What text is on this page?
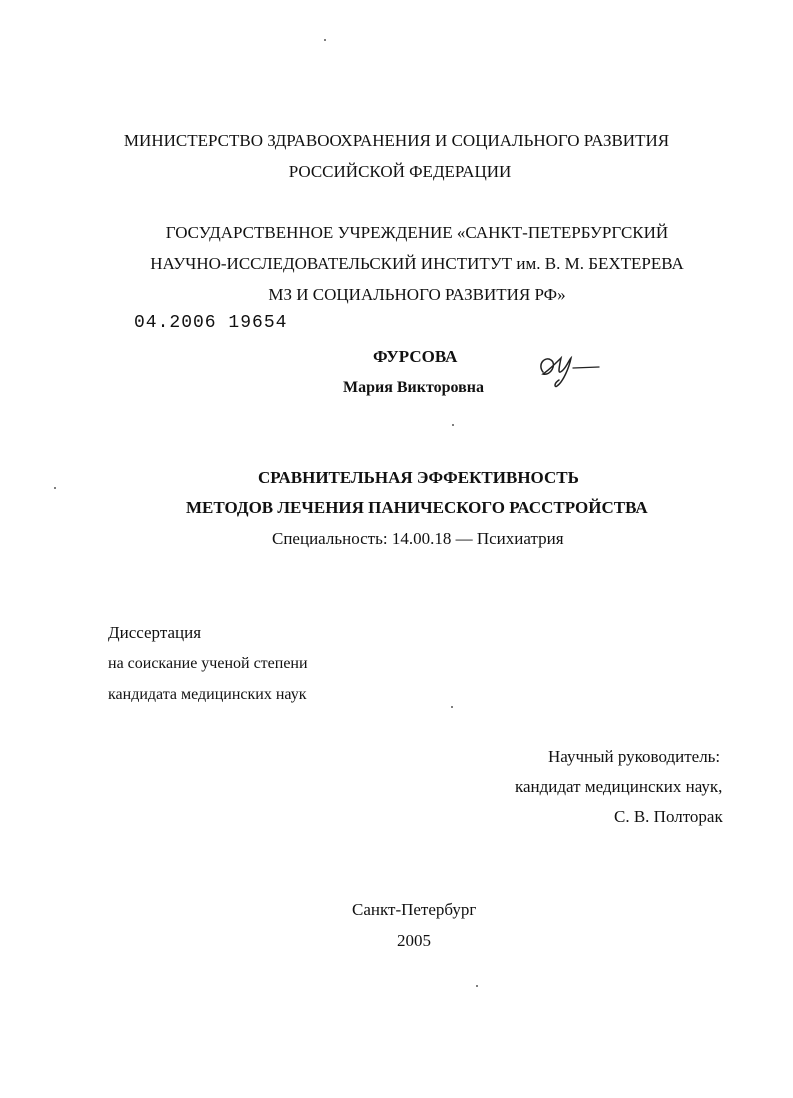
МИНИСТЕРСТВО ЗДРАВООХРАНЕНИЯ И СОЦИАЛЬНОГО РАЗВИТИЯ
РОССИЙСКОЙ ФЕДЕРАЦИИ
ГОСУДАРСТВЕННОЕ УЧРЕЖДЕНИЕ «САНКТ-ПЕТЕРБУРГСКИЙ
НАУЧНО-ИССЛЕДОВАТЕЛЬСКИЙ ИНСТИТУТ им. В. М. БЕХТЕРЕВА
МЗ И СОЦИАЛЬНОГО РАЗВИТИЯ РФ»
04.2006 19654
ФУРСОВА
Мария Викторовна
СРАВНИТЕЛЬНАЯ ЭФФЕКТИВНОСТЬ
МЕТОДОВ ЛЕЧЕНИЯ ПАНИЧЕСКОГО РАССТРОЙСТВА
Специальность: 14.00.18 — Психиатрия
Диссертация
на соискание ученой степени
кандидата медицинских наук
Научный руководитель:
кандидат медицинских наук,
С. В. Полторак
Санкт-Петербург
2005
